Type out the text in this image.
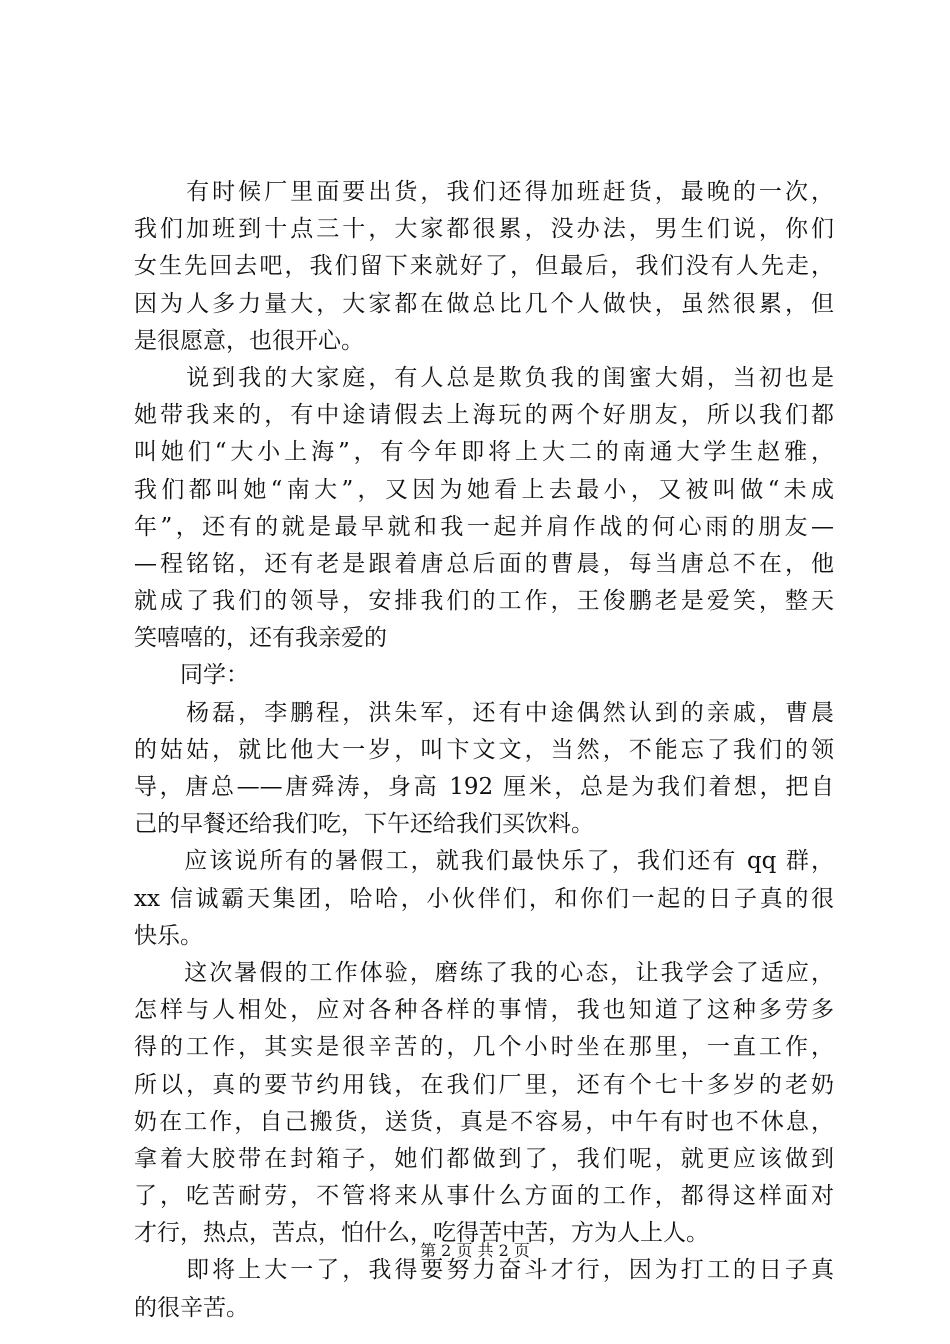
　　有时候厂里面要出货，我们还得加班赶货，最晚的一次，
我们加班到十点三十，大家都很累，没办法，男生们说，你们
女生先回去吧，我们留下来就好了，但最后，我们没有人先走，
因为人多力量大，大家都在做总比几个人做快，虽然很累，但
是很愿意，也很开心。
　　说到我的大家庭，有人总是欺负我的闺蜜大娟，当初也是
她带我来的，有中途请假去上海玩的两个好朋友，所以我们都
叫她们“大小上海”，有今年即将上大二的南通大学生赵雅，
我们都叫她“南大”，又因为她看上去最小，又被叫做“未成
年”，还有的就是最早就和我一起并肩作战的何心雨的朋友—
—程铭铭，还有老是跟着唐总后面的曹晨，每当唐总不在，他
就成了我们的领导，安排我们的工作，王俊鹏老是爱笑，整天
笑嘻嘻的，还有我亲爱的
　　同学：
　　杨磊，李鹏程，洪朱军，还有中途偶然认到的亲戚，曹晨
的姑姑，就比他大一岁，叫卞文文，当然，不能忘了我们的领
导，唐总——唐舜涛，身高 192 厘米，总是为我们着想，把自
己的早餐还给我们吃，下午还给我们买饮料。
　　应该说所有的暑假工，就我们最快乐了，我们还有 qq 群，
xx 信诚霸天集团，哈哈，小伙伴们，和你们一起的日子真的很
快乐。
　　这次暑假的工作体验，磨练了我的心态，让我学会了适应，
怎样与人相处，应对各种各样的事情，我也知道了这种多劳多
得的工作，其实是很辛苦的，几个小时坐在那里，一直工作，
所以，真的要节约用钱，在我们厂里，还有个七十多岁的老奶
奶在工作，自己搬货，送货，真是不容易，中午有时也不休息，
拿着大胶带在封箱子，她们都做到了，我们呢，就更应该做到
了，吃苦耐劳，不管将来从事什么方面的工作，都得这样面对
才行，热点，苦点，怕什么，吃得苦中苦，方为人上人。
　　即将上大一了，我得要努力奋斗才行，因为打工的日子真
的很辛苦。
第 2 页 共 2 页
